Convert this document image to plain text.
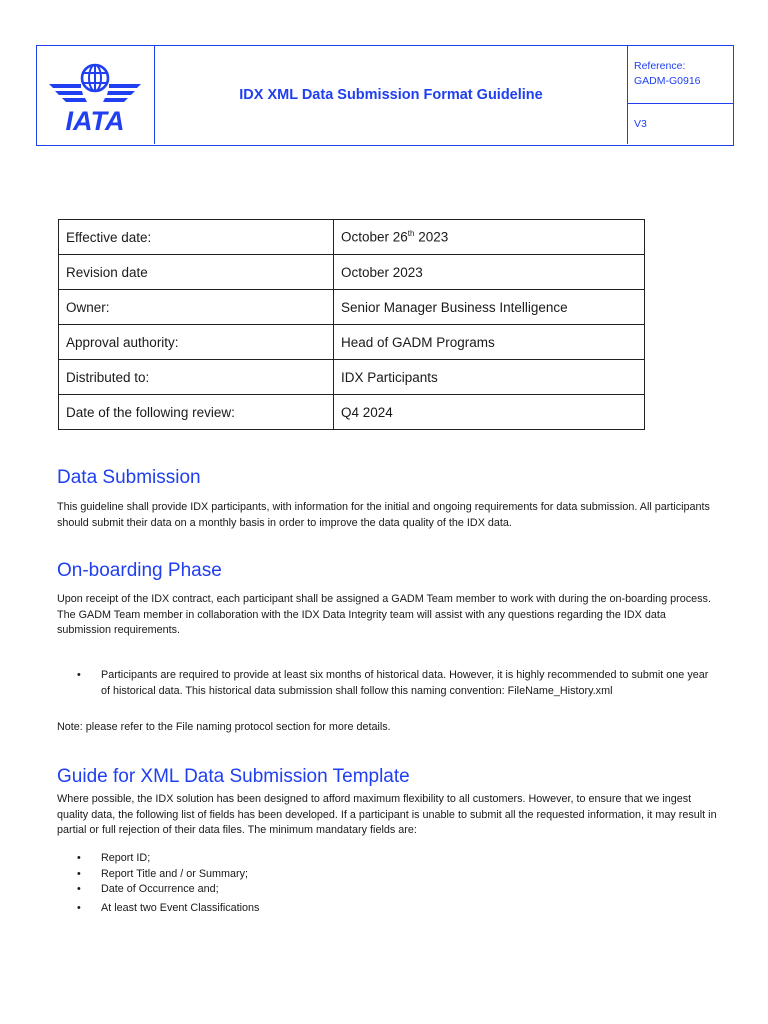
IATA
IDX XML Data Submission Format Guideline
Reference:
GADM-G0916
V3
Effective date:	October 26th 2023
Revision date	October 2023
Owner:	Senior Manager Business Intelligence
Approval authority:	Head of GADM Programs
Distributed to:	IDX Participants
Date of the following review:	Q4 2024
Data Submission

This guideline shall provide IDX participants, with information for the initial and ongoing requirements for data submission. All participants should submit their data on a monthly basis in order to improve the data quality of the IDX data.

On-boarding Phase

Upon receipt of the IDX contract, each participant shall be assigned a GADM Team member to work with during the on-boarding process. The GADM Team member in collaboration with the IDX Data Integrity team will assist with any questions regarding the IDX data submission requirements.

• Participants are required to provide at least six months of historical data. However, it is highly recommended to submit one year of historical data. This historical data submission shall follow this naming convention: FileName_History.xml

Note: please refer to the File naming protocol section for more details.

Guide for XML Data Submission Template

Where possible, the IDX solution has been designed to afford maximum flexibility to all customers. However, to ensure that we ingest quality data, the following list of fields has been developed. If a participant is unable to submit all the requested information, it may result in partial or full rejection of their data files. The minimum mandatary fields are:

• Report ID;
• Report Title and / or Summary;
• Date of Occurrence and;
• At least two Event Classifications
